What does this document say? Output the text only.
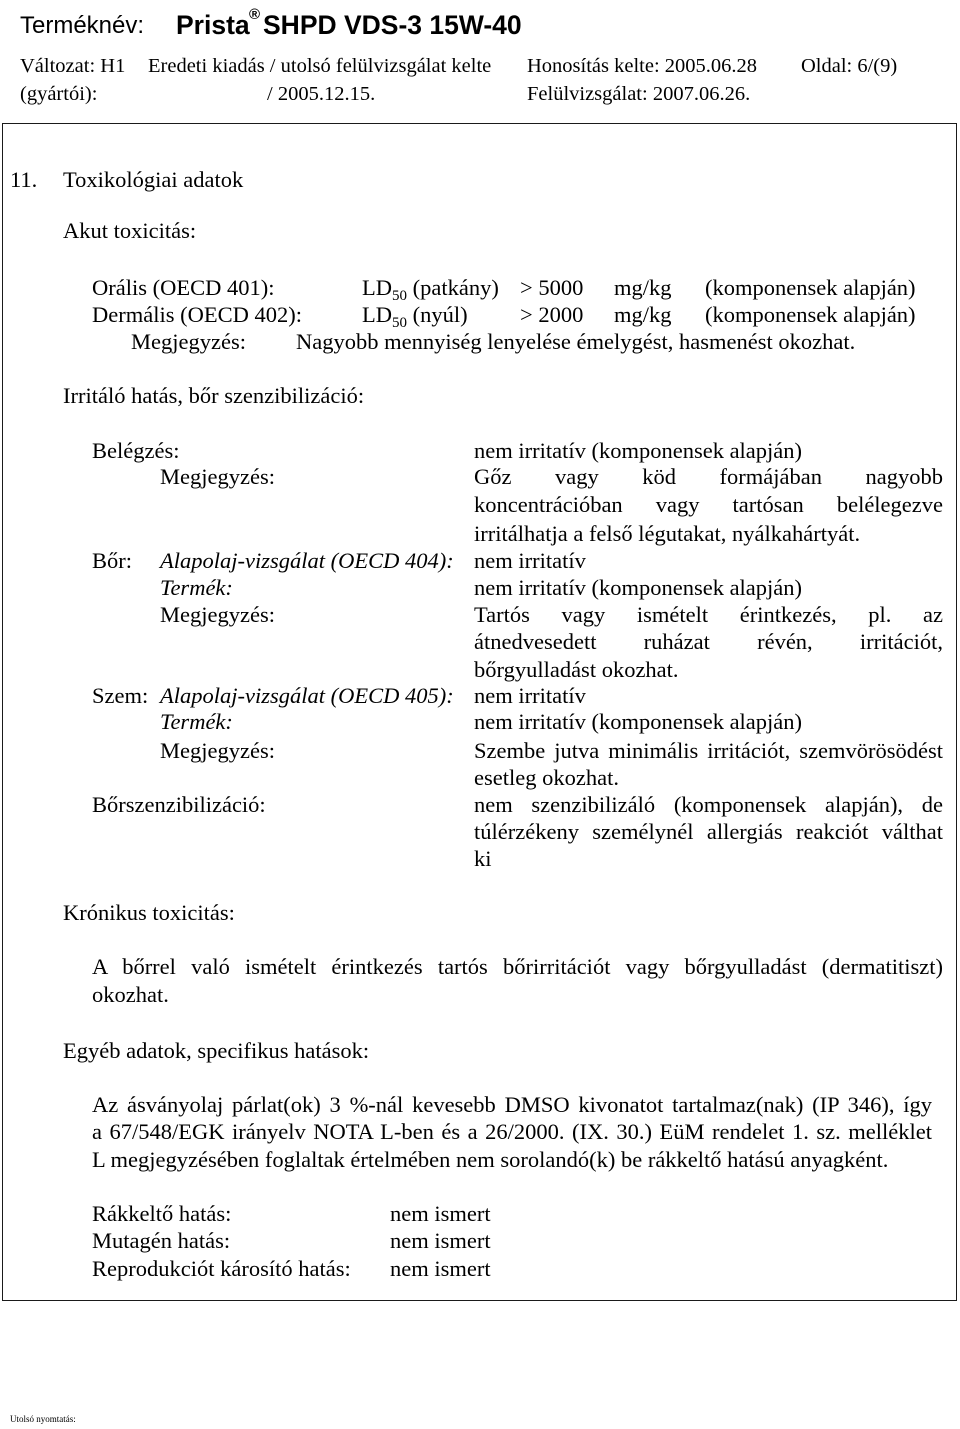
Terméknév: Prista ® SHPD VDS-3 15W-40
Változat: H1 Eredeti kiadás / utolsó felülvizsgálat kelte Honosítás kelte: 2005.06.28 Oldal: 6/(9)
(gyártói):	/ 2005.12.15.	Felülvizsgálat: 2007.06.26.
11. Toxikológiai adatok
Akut toxicitás:
Orális (OECD 401):	$LD_{50}$ (patkány) > 5000 mg/kg (komponensek alapján)
Dermális (OECD 402):	$LD_{50}$ (nyúl) > 2000 mg/kg (komponensek alapján)
Megjegyzés: Nagyobb mennyiség lenyelése émelygést, hasmenést okozhat.
Irritáló hatás, bőr szenzibilizáció:
Belégzés:	nem irritatív (komponensek alapján)
Megjegyzés:	Gőz vagy köd formájában nagyobb
koncentrációban vagy tartósan belélegezve
irritálhatja a felső légutakat, nyálkahártyát.
Bőr: Alapolaj-vizsgálat (OECD 404): nem irritatív
Termék:	nem irritatív (komponensek alapján)
Megjegyzés:	Tartós vagy ismételt érintkezés, pl. az
átnedvesedett ruházat révén, irritációt,
bőrgyulladást okozhat.
Szem: Alapolaj-vizsgálat (OECD 405): nem irritatív
Termék:	nem irritatív (komponensek alapján)
Megjegyzés:	Szembe jutva minimális irritációt, szemvörösödést
esetleg okozhat.
Bőrszenzibilizáció:	nem szenzibilizáló (komponensek alapján), de
túlérzékeny személynél allergiás reakciót válthat
ki
Krónikus toxicitás:
A bőrrel való ismételt érintkezés tartós bőrirritációt vagy bőrgyulladást (dermatitiszt)
okozhat.
Egyéb adatok, specifikus hatások:
Az ásványolaj párlat(ok) 3 %-nál kevesebb DMSO kivonatot tartalmaz(nak) (IP 346), így
a 67/548/EGK irányelv NOTA L-ben és a 26/2000. (IX. 30.) EüM rendelet 1. sz. melléklet
L megjegyzésében foglaltak értelmében nem sorolandó(k) be rákkeltő hatású anyagként.
Rákkeltő hatás:	nem ismert
Mutagén hatás:	nem ismert
Reprodukciót károsító hatás: nem ismert
Utolsó nyomtatás:
